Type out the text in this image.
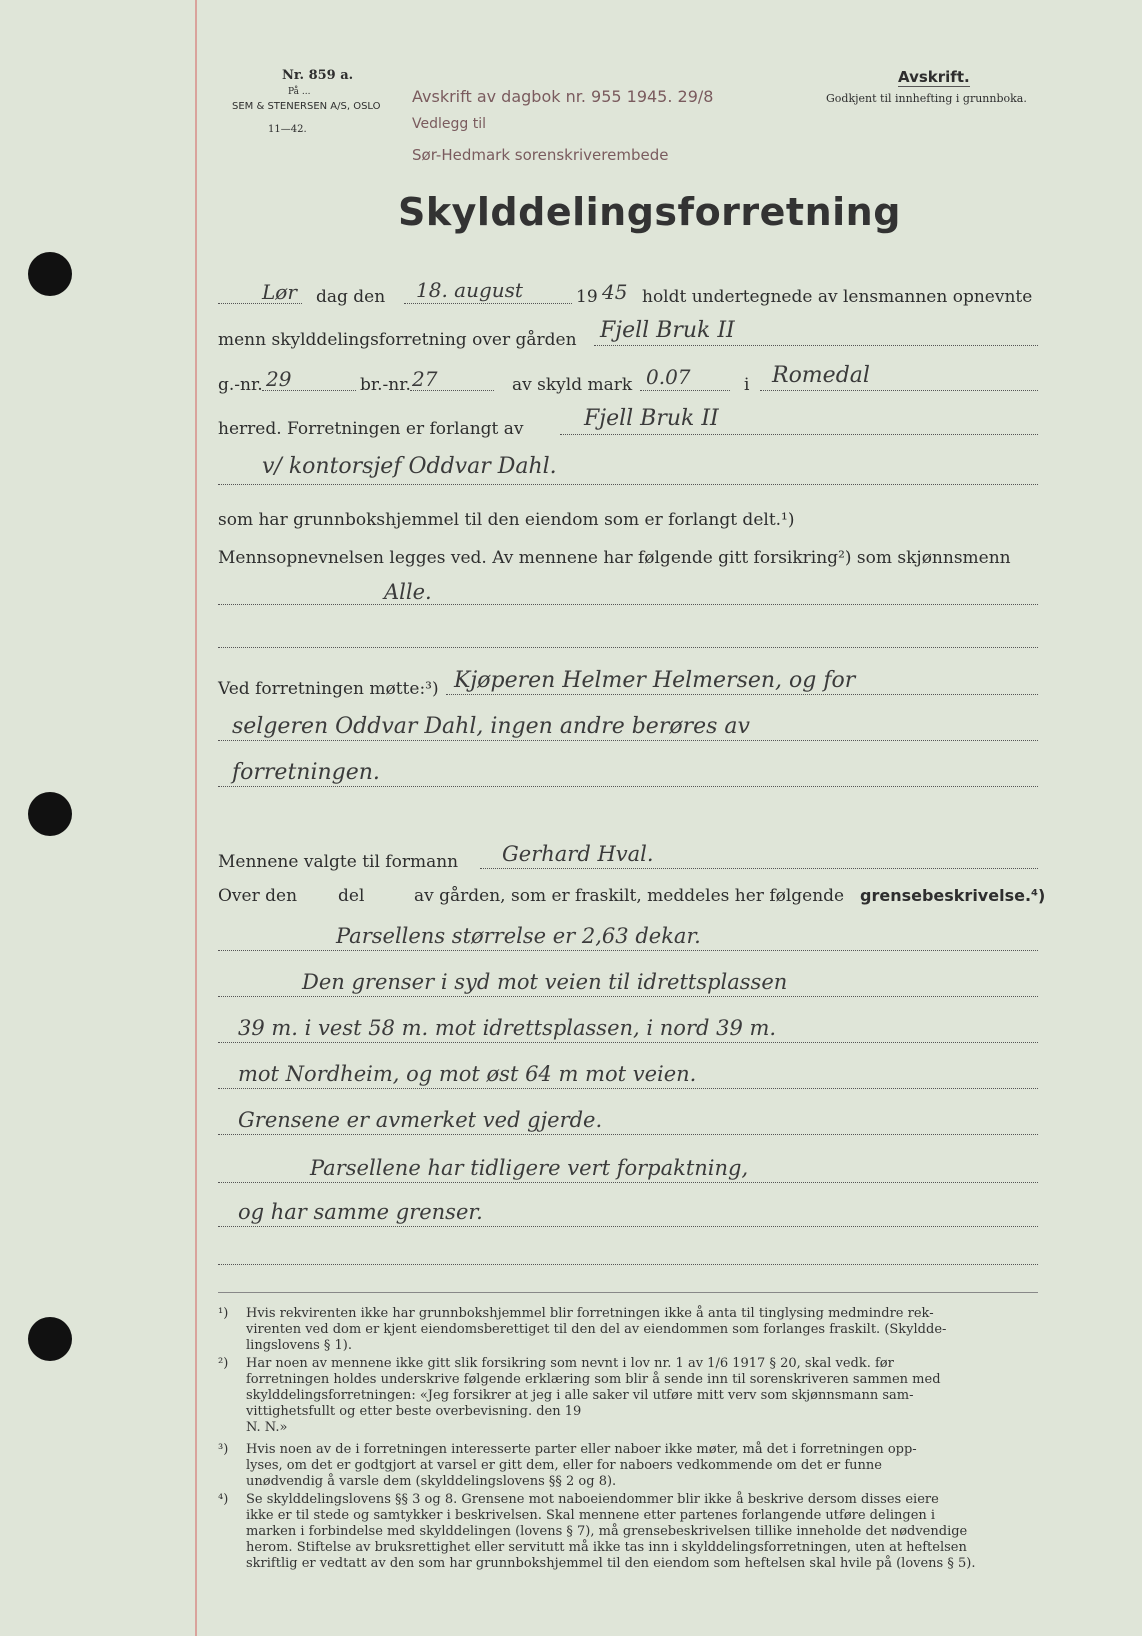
Nr. 859 a.
På ...
SEM & STENERSEN A/S, OSLO
11—42.
Avskrift av dagbok nr. 955 1945. 29/8
Vedlegg til
Sør-Hedmark sorenskriverembede
Avskrift.
Godkjent til innhefting i grunnboka.
Skylddelingsforretning
Lør dag den 18. august	19 45 holdt undertegnede av lensmannen opnevnte
menn skylddelingsforretning over gården Fjell Bruk II
g.-nr. 29	br.-nr. 27	av skyld mark 0.07	i Romedal
herred. Forretningen er forlangt av	Fjell Bruk II
v/ kontorsjef Oddvar Dahl.
som har grunnbokshjemmel til den eiendom som er forlangt delt.¹)
Mennsopnevnelsen legges ved. Av mennene har følgende gitt forsikring²) som skjønnsmenn
Alle.
Ved forretningen møtte:³) Kjøperen Helmer Helmersen, og for
selgeren Oddvar Dahl, ingen andre berøres av
forretningen.
Mennene valgte til formann Gerhard Hval.
Over den del	av gården, som er fraskilt, meddeles her følgende grensebeskrivelse.⁴)
Parsellens størrelse er 2,63 dekar.
Den grenser i syd mot veien til idrettsplassen
39 m. i vest 58 m. mot idrettsplassen, i nord 39 m.
mot Nordheim, og mot øst 64 m mot veien.
Grensene er avmerket ved gjerde.
Parsellene har tidligere vert forpaktning,
og har samme grenser.
¹) Hvis rekvirenten ikke har grunnbokshjemmel blir forretningen ikke å anta til tinglysing medmindre rek-
virenten ved dom er kjent eiendomsberettiget til den del av eiendommen som forlanges fraskilt. (Skyldde-
lingslovens § 1).
²) Har noen av mennene ikke gitt slik forsikring som nevnt i lov nr. 1 av 1/6 1917 § 20, skal vedk. før
forretningen holdes underskrive følgende erklæring som blir å sende inn til sorenskriveren sammen med
skylddelingsforretningen: «Jeg forsikrer at jeg i alle saker vil utføre mitt verv som skjønnsmann sam-
vittighetsfullt og etter beste overbevisning. den 19
N. N.»
³) Hvis noen av de i forretningen interesserte parter eller naboer ikke møter, må det i forretningen opp-
lyses, om det er godtgjort at varsel er gitt dem, eller for naboers vedkommende om det er funne
unødvendig å varsle dem (skylddelingslovens §§ 2 og 8).
⁴) Se skylddelingslovens §§ 3 og 8. Grensene mot naboeiendommer blir ikke å beskrive dersom disses eiere
ikke er til stede og samtykker i beskrivelsen. Skal mennene etter partenes forlangende utføre delingen i
marken i forbindelse med skylddelingen (lovens § 7), må grensebeskrivelsen tillike inneholde det nødvendige
herom. Stiftelse av bruksrettighet eller servitutt må ikke tas inn i skylddelingsforretningen, uten at heftelsen
skriftlig er vedtatt av den som har grunnbokshjemmel til den eiendom som heftelsen skal hvile på (lovens § 5).
